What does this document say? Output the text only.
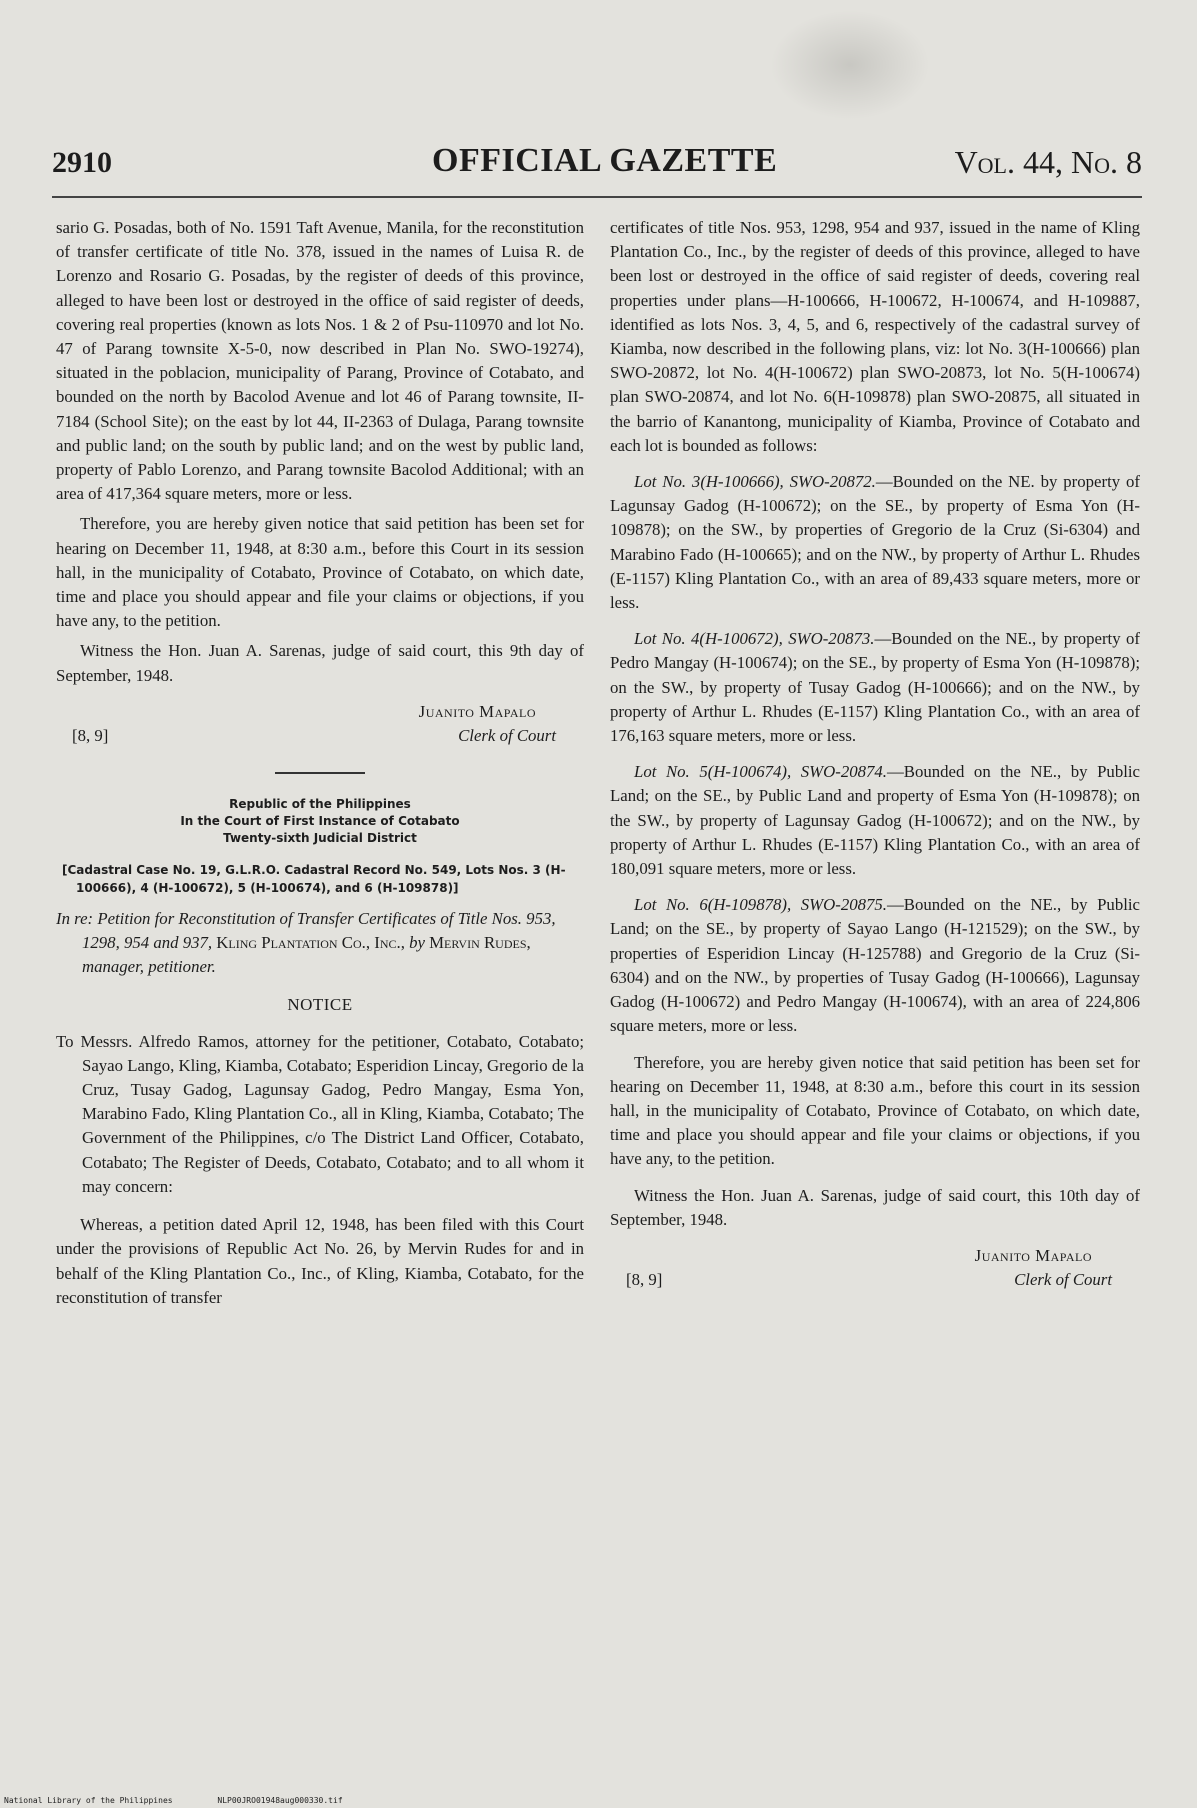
2910	OFFICIAL GAZETTE	Vol. 44, No. 8

sario G. Posadas, both of No. 1591 Taft Avenue, Manila, for the reconstitution of transfer certificate of title No. 378, issued in the names of Luisa R. de Lorenzo and Rosario G. Posadas, by the register of deeds of this province, alleged to have been lost or destroyed in the office of said register of deeds, covering real properties (known as lots Nos. 1 & 2 of Psu-110970 and lot No. 47 of Parang townsite X-5-0, now described in Plan No. SWO-19274), situated in the poblacion, municipality of Parang, Province of Cotabato, and bounded on the north by Bacolod Avenue and lot 46 of Parang townsite, II-7184 (School Site); on the east by lot 44, II-2363 of Dulaga, Parang townsite and public land; on the south by public land; and on the west by public land, property of Pablo Lorenzo, and Parang townsite Bacolod Additional; with an area of 417,364 square meters, more or less.

Therefore, you are hereby given notice that said petition has been set for hearing on December 11, 1948, at 8:30 a.m., before this Court in its session hall, in the municipality of Cotabato, Province of Cotabato, on which date, time and place you should appear and file your claims or objections, if you have any, to the petition.

Witness the Hon. Juan A. Sarenas, judge of said court, this 9th day of September, 1948.

Juanito Mapalo
Clerk of Court
[8, 9]
Republic of the Philippines
In the Court of First Instance of Cotabato
Twenty-sixth Judicial District

[Cadastral Case No. 19, G.L.R.O. Cadastral Record No. 549, Lots Nos. 3 (H-100666), 4 (H-100672), 5 (H-100674), and 6 (H-109878)]

In re: Petition for Reconstitution of Transfer Certificates of Title Nos. 953, 1298, 954 and 937, Kling Plantation Co., Inc., by Mervin Rudes, manager, petitioner.

NOTICE

To Messrs. Alfredo Ramos, attorney for the petitioner, Cotabato, Cotabato; Sayao Lango, Kling, Kiamba, Cotabato; Esperidion Lincay, Gregorio de la Cruz, Tusay Gadog, Lagunsay Gadog, Pedro Mangay, Esma Yon, Marabino Fado, Kling Plantation Co., all in Kling, Kiamba, Cotabato; The Government of the Philippines, c/o The District Land Officer, Cotabato, Cotabato; The Register of Deeds, Cotabato, Cotabato; and to all whom it may concern:

Whereas, a petition dated April 12, 1948, has been filed with this Court under the provisions of Republic Act No. 26, by Mervin Rudes for and in behalf of the Kling Plantation Co., Inc., of Kling, Kiamba, Cotabato, for the reconstitution of transfer

certificates of title Nos. 953, 1298, 954 and 937, issued in the name of Kling Plantation Co., Inc., by the register of deeds of this province, alleged to have been lost or destroyed in the office of said register of deeds, covering real properties under plans—H-100666, H-100672, H-100674, and H-109887, identified as lots Nos. 3, 4, 5, and 6, respectively of the cadastral survey of Kiamba, now described in the following plans, viz: lot No. 3(H-100666) plan SWO-20872, lot No. 4(H-100672) plan SWO-20873, lot No. 5(H-100674) plan SWO-20874, and lot No. 6(H-109878) plan SWO-20875, all situated in the barrio of Kanantong, municipality of Kiamba, Province of Cotabato and each lot is bounded as follows:

Lot No. 3(H-100666), SWO-20872.—Bounded on the NE. by property of Lagunsay Gadog (H-100672); on the SE., by property of Esma Yon (H-109878); on the SW., by properties of Gregorio de la Cruz (Si-6304) and Marabino Fado (H-100665); and on the NW., by property of Arthur L. Rhudes (E-1157) Kling Plantation Co., with an area of 89,433 square meters, more or less.

Lot No. 4(H-100672), SWO-20873.—Bounded on the NE., by property of Pedro Mangay (H-100674); on the SE., by property of Esma Yon (H-109878); on the SW., by property of Tusay Gadog (H-100666); and on the NW., by property of Arthur L. Rhudes (E-1157) Kling Plantation Co., with an area of 176,163 square meters, more or less.

Lot No. 5(H-100674), SWO-20874.—Bounded on the NE., by Public Land; on the SE., by Public Land and property of Esma Yon (H-109878); on the SW., by property of Lagunsay Gadog (H-100672); and on the NW., by property of Arthur L. Rhudes (E-1157) Kling Plantation Co., with an area of 180,091 square meters, more or less.

Lot No. 6(H-109878), SWO-20875.—Bounded on the NE., by Public Land; on the SE., by property of Sayao Lango (H-121529); on the SW., by properties of Esperidion Lincay (H-125788) and Gregorio de la Cruz (Si-6304) and on the NW., by properties of Tusay Gadog (H-100666), Lagunsay Gadog (H-100672) and Pedro Mangay (H-100674), with an area of 224,806 square meters, more or less.

Therefore, you are hereby given notice that said petition has been set for hearing on December 11, 1948, at 8:30 a.m., before this court in its session hall, in the municipality of Cotabato, Province of Cotabato, on which date, time and place you should appear and file your claims or objections, if you have any, to the petition.

Witness the Hon. Juan A. Sarenas, judge of said court, this 10th day of September, 1948.

Juanito Mapalo
Clerk of Court
[8, 9]
National Library of the Philippines	NLP00JRO01948aug000330.tif
